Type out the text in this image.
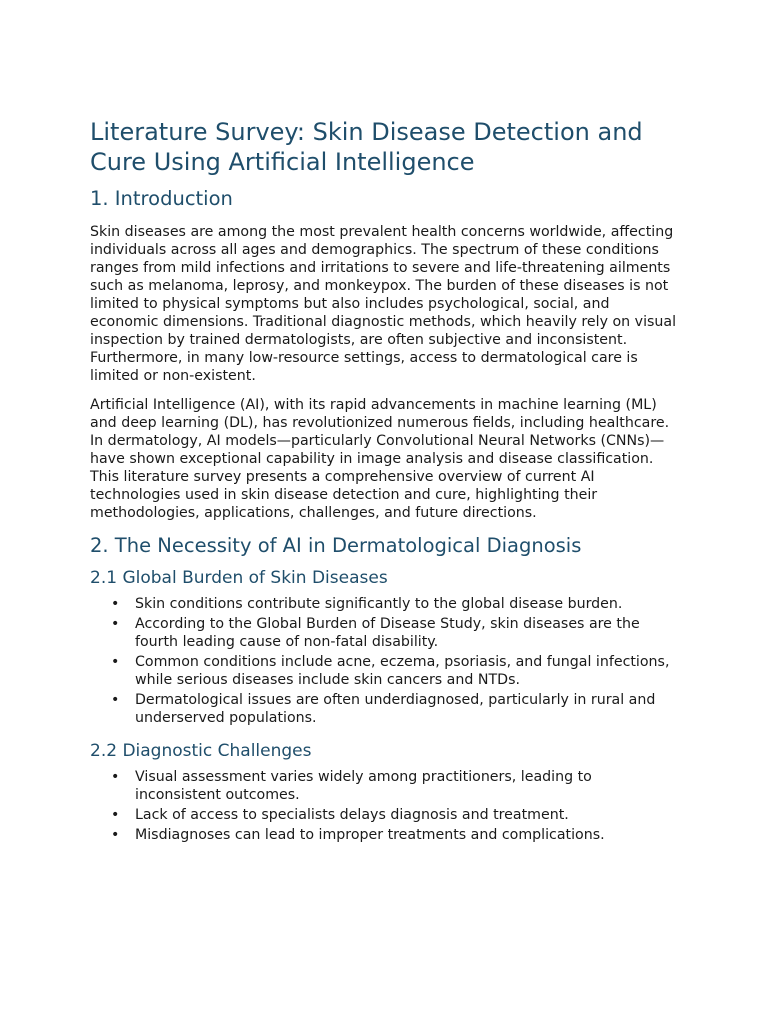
Literature Survey: Skin Disease Detection and Cure Using Artificial Intelligence
1. Introduction

Skin diseases are among the most prevalent health concerns worldwide, affecting individuals across all ages and demographics. The spectrum of these conditions ranges from mild infections and irritations to severe and life-threatening ailments such as melanoma, leprosy, and monkeypox. The burden of these diseases is not limited to physical symptoms but also includes psychological, social, and economic dimensions. Traditional diagnostic methods, which heavily rely on visual inspection by trained dermatologists, are often subjective and inconsistent. Furthermore, in many low-resource settings, access to dermatological care is limited or non-existent.

Artificial Intelligence (AI), with its rapid advancements in machine learning (ML) and deep learning (DL), has revolutionized numerous fields, including healthcare. In dermatology, AI models—particularly Convolutional Neural Networks (CNNs)—have shown exceptional capability in image analysis and disease classification. This literature survey presents a comprehensive overview of current AI technologies used in skin disease detection and cure, highlighting their methodologies, applications, challenges, and future directions.

2. The Necessity of AI in Dermatological Diagnosis
2.1 Global Burden of Skin Diseases
• Skin conditions contribute significantly to the global disease burden.
• According to the Global Burden of Disease Study, skin diseases are the fourth leading cause of non-fatal disability.
• Common conditions include acne, eczema, psoriasis, and fungal infections, while serious diseases include skin cancers and NTDs.
• Dermatological issues are often underdiagnosed, particularly in rural and underserved populations.
2.2 Diagnostic Challenges
• Visual assessment varies widely among practitioners, leading to inconsistent outcomes.
• Lack of access to specialists delays diagnosis and treatment.
• Misdiagnoses can lead to improper treatments and complications.
